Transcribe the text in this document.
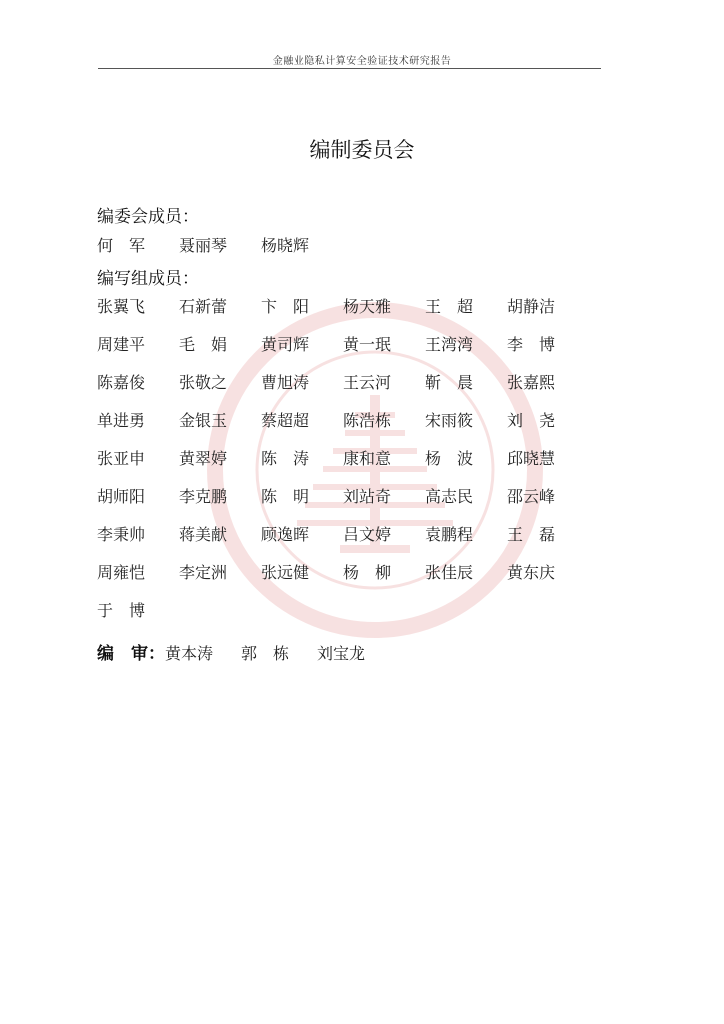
金融业隐私计算安全验证技术研究报告
编制委员会
编委会成员：
何　军 聂丽琴 杨晓辉
编写组成员：
张翼飞 石新蕾 卞　阳 杨天雅 王　超 胡静洁
周建平 毛　娟 黄司辉 黄一珉 王湾湾 李　博
陈嘉俊 张敬之 曹旭涛 王云河 靳　晨 张嘉熙
单进勇 金银玉 蔡超超 陈浩栋 宋雨筱 刘　尧
张亚申 黄翠婷 陈　涛 康和意 杨　波 邱晓慧
胡师阳 李克鹏 陈　明 刘站奇 高志民 邵云峰
李秉帅 蒋美献 顾逸晖 吕文婷 袁鹏程 王　磊
周雍恺 李定洲 张远健 杨　柳 张佳辰 黄东庆
于　博
编　审：黄本涛 郭　栋 刘宝龙
